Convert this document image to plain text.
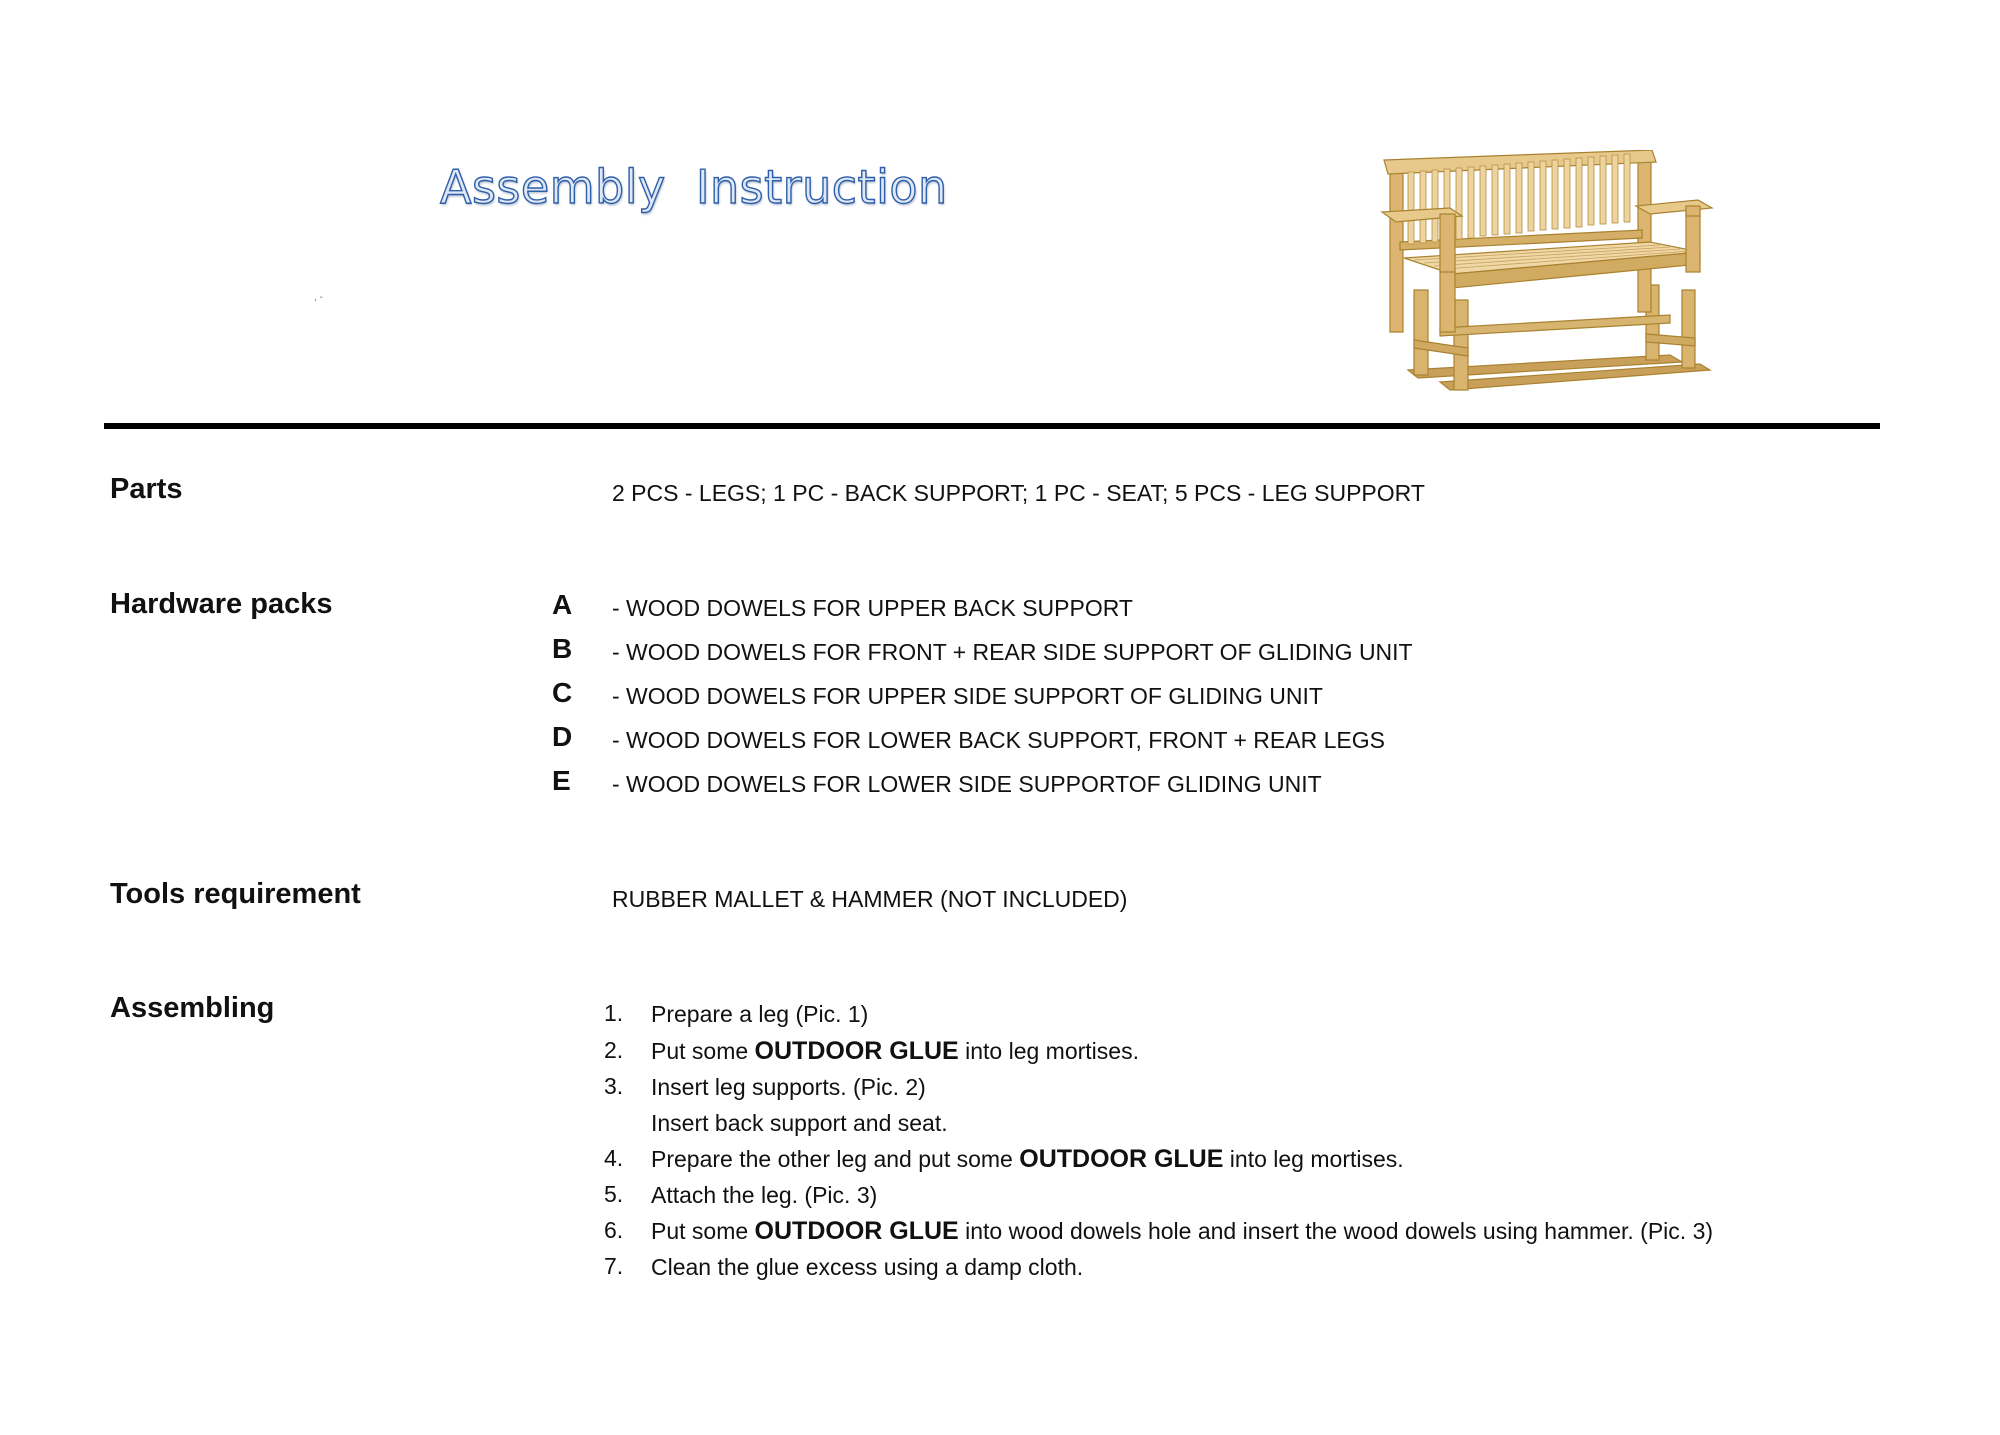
Assembly  Instruction
, -
Parts	2 PCS - LEGS; 1 PC - BACK SUPPORT; 1 PC - SEAT; 5 PCS - LEG SUPPORT
Hardware packs	A	- WOOD DOWELS FOR UPPER BACK SUPPORT
B	- WOOD DOWELS FOR FRONT + REAR SIDE SUPPORT OF GLIDING UNIT
C	- WOOD DOWELS FOR UPPER SIDE SUPPORT OF GLIDING UNIT
D	- WOOD DOWELS FOR LOWER BACK SUPPORT, FRONT + REAR LEGS
E	- WOOD DOWELS FOR LOWER SIDE SUPPORTOF GLIDING UNIT
Tools requirement	RUBBER MALLET & HAMMER (NOT INCLUDED)
Assembling	1. Prepare a leg (Pic. 1)
2. Put some OUTDOOR GLUE into leg mortises.
3. Insert leg supports. (Pic. 2)
Insert back support and seat.
4. Prepare the other leg and put some OUTDOOR GLUE into leg mortises.
5. Attach the leg. (Pic. 3)
6. Put some OUTDOOR GLUE into wood dowels hole and insert the wood dowels using hammer. (Pic. 3)
7. Clean the glue excess using a damp cloth.
